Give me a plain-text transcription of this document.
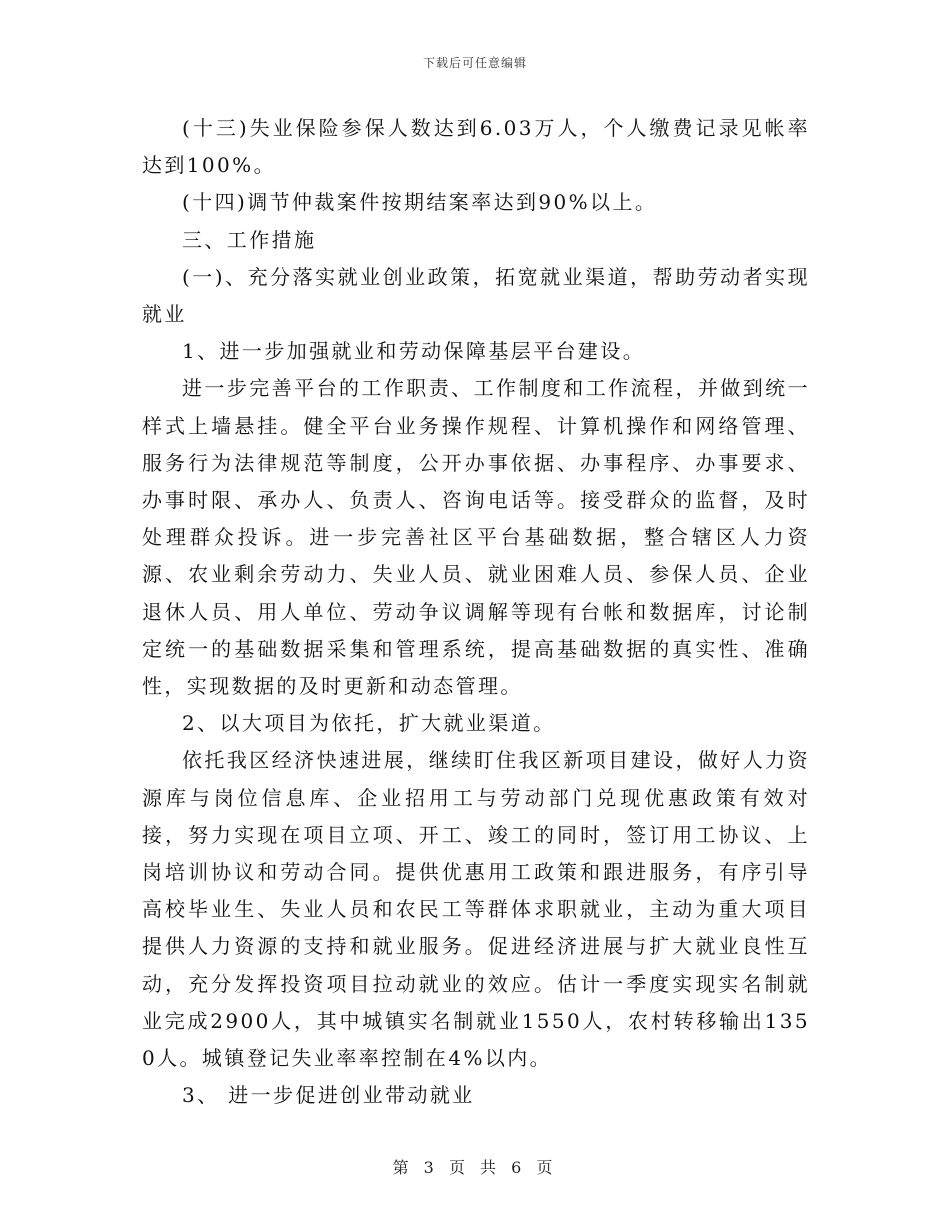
下载后可任意编辑

(十三)失业保险参保人数达到6.03万人，个人缴费记录见帐率达到100%。

(十四)调节仲裁案件按期结案率达到90%以上。

三、工作措施

(一)、充分落实就业创业政策，拓宽就业渠道，帮助劳动者实现就业

1、进一步加强就业和劳动保障基层平台建设。

进一步完善平台的工作职责、工作制度和工作流程，并做到统一样式上墙悬挂。健全平台业务操作规程、计算机操作和网络管理、服务行为法律规范等制度，公开办事依据、办事程序、办事要求、办事时限、承办人、负责人、咨询电话等。接受群众的监督，及时处理群众投诉。进一步完善社区平台基础数据，整合辖区人力资源、农业剩余劳动力、失业人员、就业困难人员、参保人员、企业退休人员、用人单位、劳动争议调解等现有台帐和数据库，讨论制定统一的基础数据采集和管理系统，提高基础数据的真实性、准确性，实现数据的及时更新和动态管理。

2、以大项目为依托，扩大就业渠道。

依托我区经济快速进展，继续盯住我区新项目建设，做好人力资源库与岗位信息库、企业招用工与劳动部门兑现优惠政策有效对接，努力实现在项目立项、开工、竣工的同时，签订用工协议、上岗培训协议和劳动合同。提供优惠用工政策和跟进服务，有序引导高校毕业生、失业人员和农民工等群体求职就业，主动为重大项目提供人力资源的支持和就业服务。促进经济进展与扩大就业良性互动，充分发挥投资项目拉动就业的效应。估计一季度实现实名制就业完成2900人，其中城镇实名制就业1550人，农村转移输出1350人。城镇登记失业率率控制在4%以内。

3、 进一步促进创业带动就业

第 3 页 共 6 页
